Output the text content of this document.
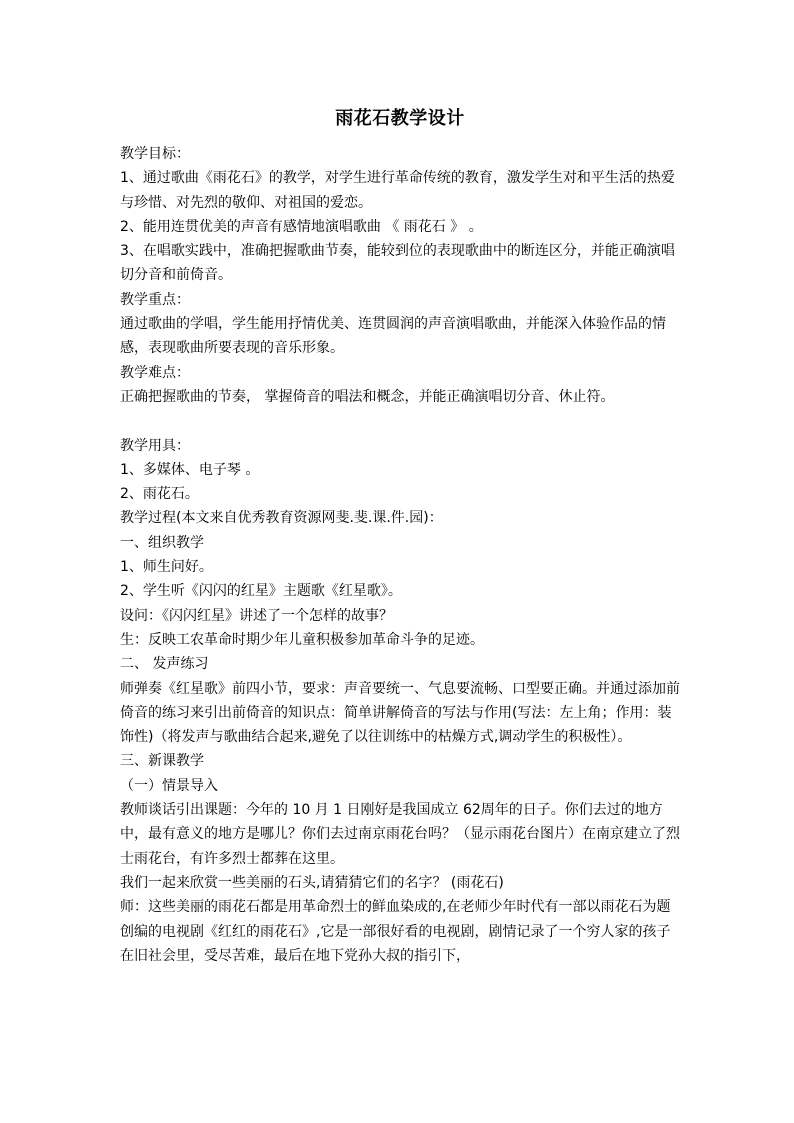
雨花石教学设计

教学目标：

1、通过歌曲《雨花石》的教学，对学生进行革命传统的教育，激发学生对和平生活的热爱与珍惜、对先烈的敬仰、对祖国的爱恋。

2、能用连贯优美的声音有感情地演唱歌曲 《 雨花石 》 。

3、在唱歌实践中，准确把握歌曲节奏，能较到位的表现歌曲中的断连区分，并能正确演唱切分音和前倚音。

教学重点：

通过歌曲的学唱，学生能用抒情优美、连贯圆润的声音演唱歌曲，并能深入体验作品的情感，表现歌曲所要表现的音乐形象。

教学难点：

正确把握歌曲的节奏， 掌握倚音的唱法和概念，并能正确演唱切分音、休止符。

教学用具：

1、多媒体、电子琴 。

2、雨花石。

教学过程(本文来自优秀教育资源网斐.斐.课.件.园)：

一、组织教学

1、师生问好。

2、学生听《闪闪的红星》主题歌《红星歌》。

设问：《闪闪红星》讲述了一个怎样的故事？

生：反映工农革命时期少年儿童积极参加革命斗争的足迹。

二、 发声练习

师弹奏《红星歌》前四小节，要求：声音要统一、气息要流畅、口型要正确。并通过添加前倚音的练习来引出前倚音的知识点：简单讲解倚音的写法与作用(写法：左上角；作用：装饰性)（将发声与歌曲结合起来,避免了以往训练中的枯燥方式,调动学生的积极性）。

三、新课教学

（一）情景导入

教师谈话引出课题：今年的 10 月 1 日刚好是我国成立 62周年的日子。你们去过的地方中，最有意义的地方是哪儿？你们去过南京雨花台吗？（显示雨花台图片）在南京建立了烈士雨花台，有许多烈士都葬在这里。

我们一起来欣赏一些美丽的石头,请猜猜它们的名字？ (雨花石)

师：这些美丽的雨花石都是用革命烈士的鲜血染成的,在老师少年时代有一部以雨花石为题创编的电视剧《红红的雨花石》,它是一部很好看的电视剧，剧情记录了一个穷人家的孩子在旧社会里，受尽苦难，最后在地下党孙大叔的指引下，
